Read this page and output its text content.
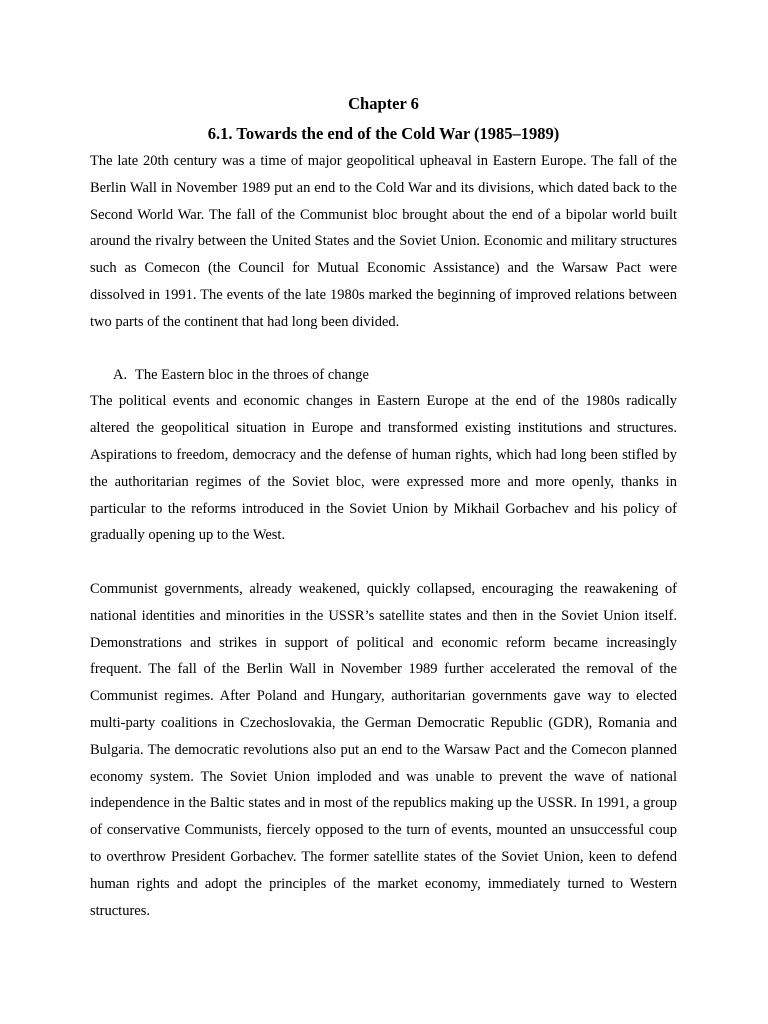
Chapter 6
6.1. Towards the end of the Cold War (1985–1989)

The late 20th century was a time of major geopolitical upheaval in Eastern Europe. The fall of the Berlin Wall in November 1989 put an end to the Cold War and its divisions, which dated back to the Second World War. The fall of the Communist bloc brought about the end of a bipolar world built around the rivalry between the United States and the Soviet Union. Economic and military structures such as Comecon (the Council for Mutual Economic Assistance) and the Warsaw Pact were dissolved in 1991. The events of the late 1980s marked the beginning of improved relations between two parts of the continent that had long been divided.

A. The Eastern bloc in the throes of change

The political events and economic changes in Eastern Europe at the end of the 1980s radically altered the geopolitical situation in Europe and transformed existing institutions and structures. Aspirations to freedom, democracy and the defense of human rights, which had long been stifled by the authoritarian regimes of the Soviet bloc, were expressed more and more openly, thanks in particular to the reforms introduced in the Soviet Union by Mikhail Gorbachev and his policy of gradually opening up to the West.

Communist governments, already weakened, quickly collapsed, encouraging the reawakening of national identities and minorities in the USSR’s satellite states and then in the Soviet Union itself. Demonstrations and strikes in support of political and economic reform became increasingly frequent. The fall of the Berlin Wall in November 1989 further accelerated the removal of the Communist regimes. After Poland and Hungary, authoritarian governments gave way to elected multi-party coalitions in Czechoslovakia, the German Democratic Republic (GDR), Romania and Bulgaria. The democratic revolutions also put an end to the Warsaw Pact and the Comecon planned economy system. The Soviet Union imploded and was unable to prevent the wave of national independence in the Baltic states and in most of the republics making up the USSR. In 1991, a group of conservative Communists, fiercely opposed to the turn of events, mounted an unsuccessful coup to overthrow President Gorbachev. The former satellite states of the Soviet Union, keen to defend human rights and adopt the principles of the market economy, immediately turned to Western structures.
